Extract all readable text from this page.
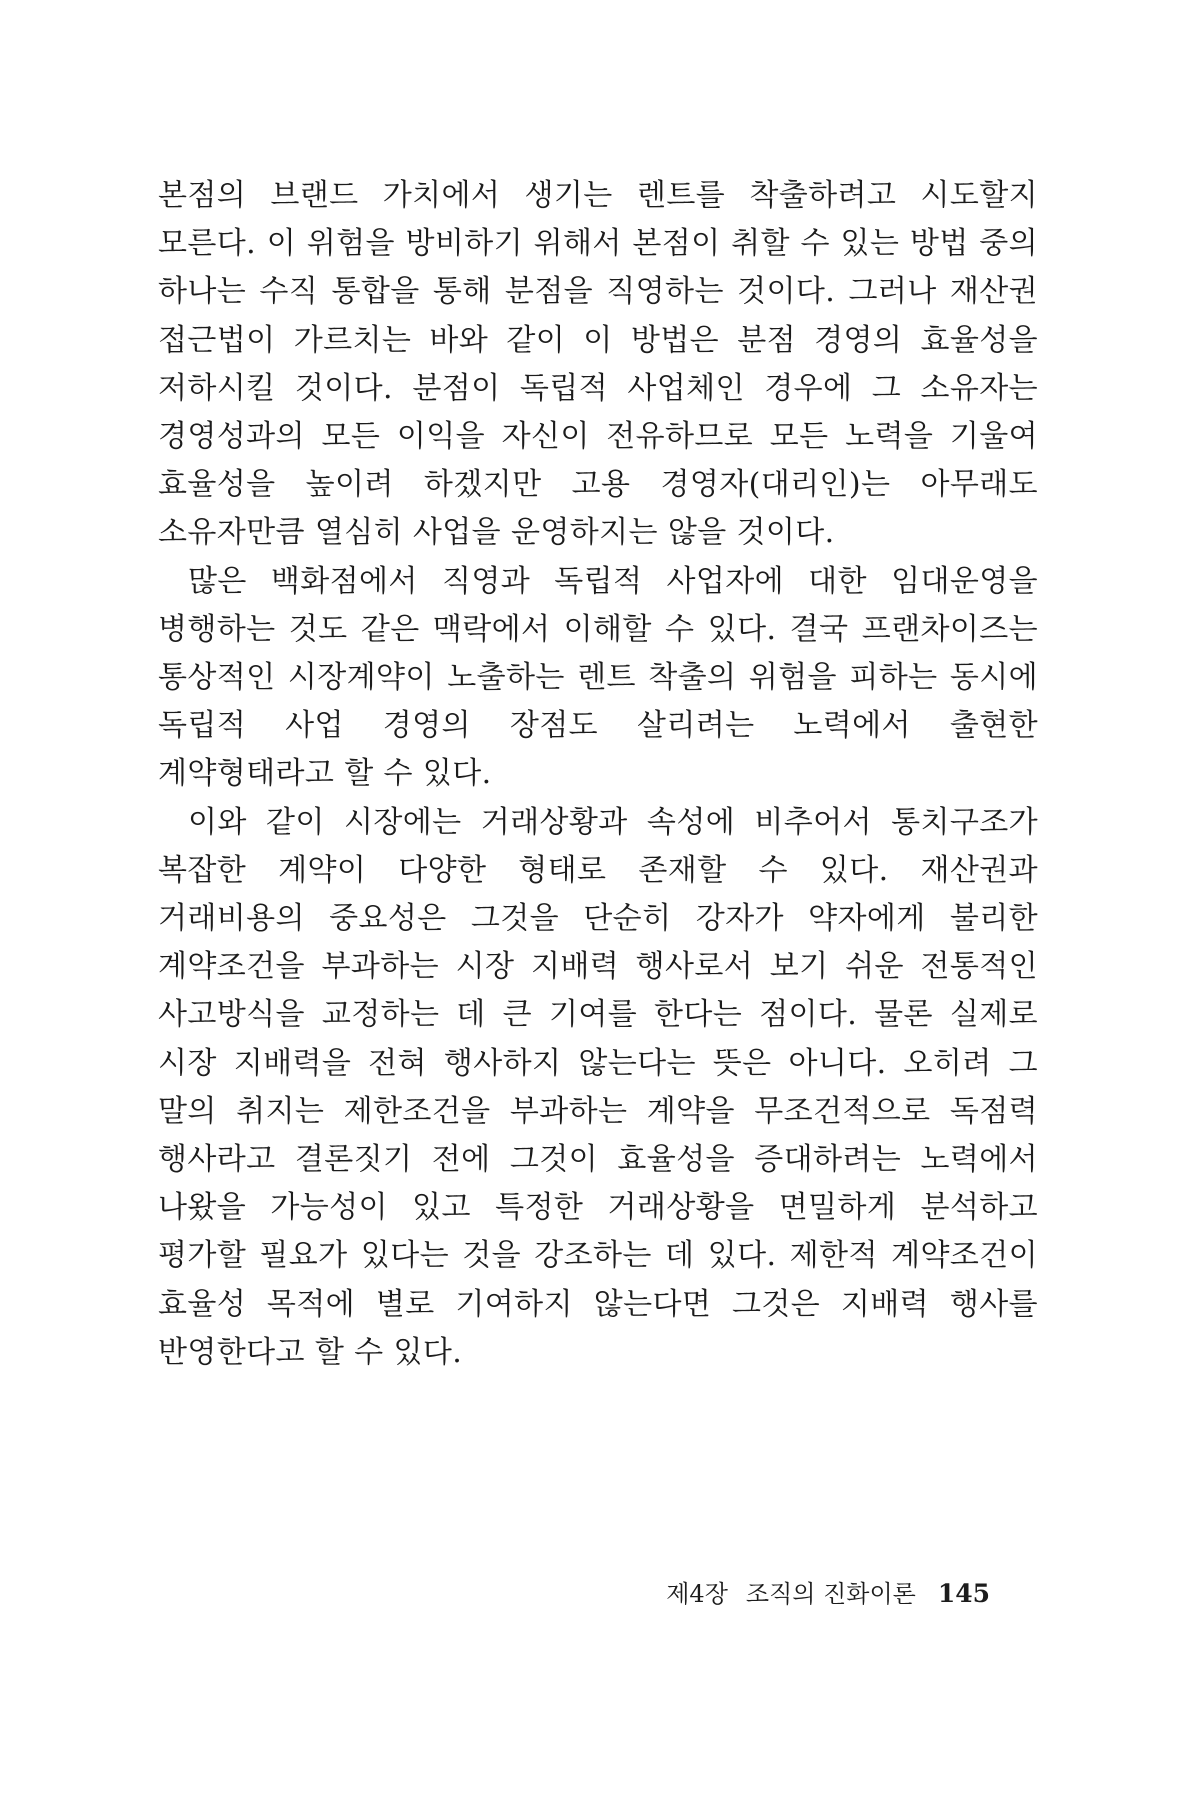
본점의 브랜드 가치에서 생기는 렌트를 착출하려고 시도할지 모른다. 이 위험을 방비하기 위해서 본점이 취할 수 있는 방법 중의 하나는 수직 통합을 통해 분점을 직영하는 것이다. 그러나 재산권 접근법이 가르치는 바와 같이 이 방법은 분점 경영의 효율성을 저하시킬 것이다. 분점이 독립적 사업체인 경우에 그 소유자는 경영성과의 모든 이익을 자신이 전유하므로 모든 노력을 기울여 효율성을 높이려 하겠지만 고용 경영자(대리인)는 아무래도 소유자만큼 열심히 사업을 운영하지는 않을 것이다.

많은 백화점에서 직영과 독립적 사업자에 대한 임대운영을 병행하는 것도 같은 맥락에서 이해할 수 있다. 결국 프랜차이즈는 통상적인 시장계약이 노출하는 렌트 착출의 위험을 피하는 동시에 독립적 사업 경영의 장점도 살리려는 노력에서 출현한 계약형태라고 할 수 있다.

이와 같이 시장에는 거래상황과 속성에 비추어서 통치구조가 복잡한 계약이 다양한 형태로 존재할 수 있다. 재산권과 거래비용의 중요성은 그것을 단순히 강자가 약자에게 불리한 계약조건을 부과하는 시장 지배력 행사로서 보기 쉬운 전통적인 사고방식을 교정하는 데 큰 기여를 한다는 점이다. 물론 실제로 시장 지배력을 전혀 행사하지 않는다는 뜻은 아니다. 오히려 그 말의 취지는 제한조건을 부과하는 계약을 무조건적으로 독점력 행사라고 결론짓기 전에 그것이 효율성을 증대하려는 노력에서 나왔을 가능성이 있고 특정한 거래상황을 면밀하게 분석하고 평가할 필요가 있다는 것을 강조하는 데 있다. 제한적 계약조건이 효율성 목적에 별로 기여하지 않는다면 그것은 지배력 행사를 반영한다고 할 수 있다.

제4장 조직의 진화이론 145
